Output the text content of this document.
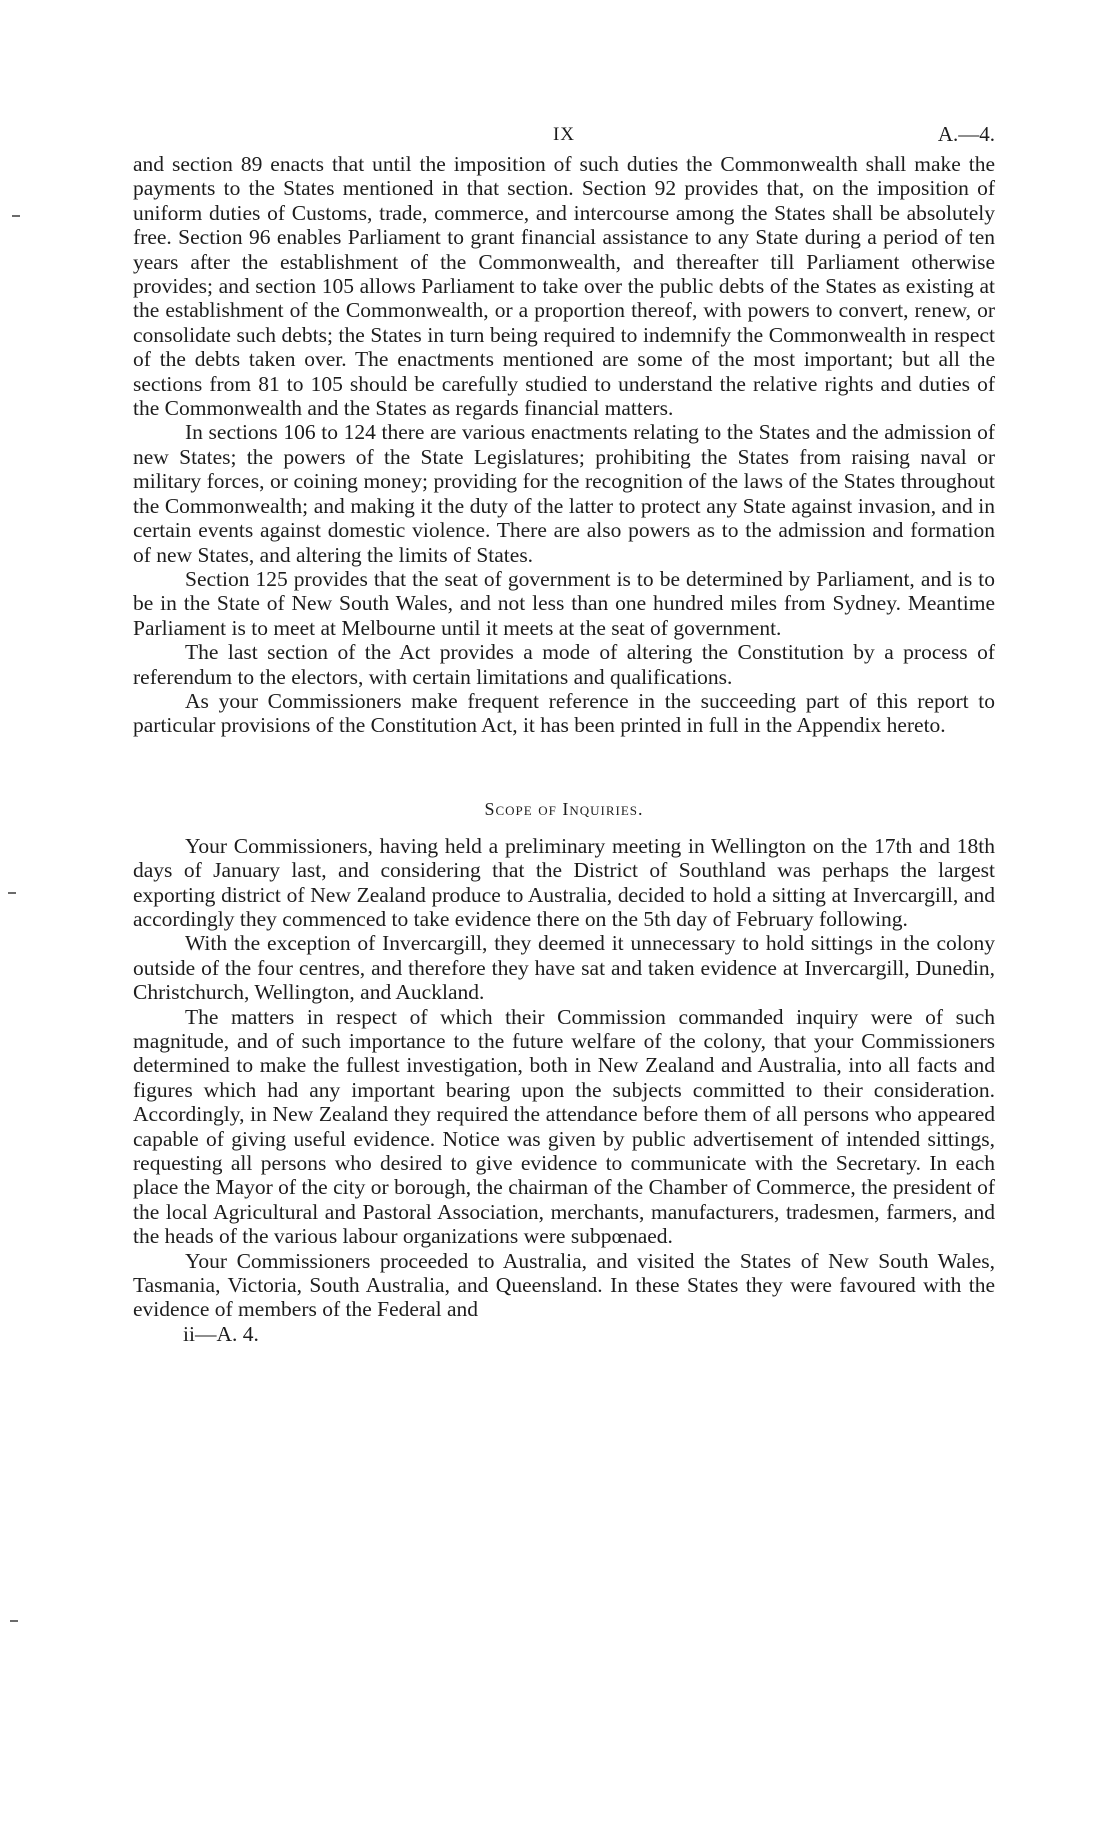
IX	A.—4.

and section 89 enacts that until the imposition of such duties the Commonwealth shall make the payments to the States mentioned in that section. Section 92 provides that, on the imposition of uniform duties of Customs, trade, commerce, and intercourse among the States shall be absolutely free. Section 96 enables Parliament to grant financial assistance to any State during a period of ten years after the establishment of the Commonwealth, and thereafter till Parliament otherwise provides; and section 105 allows Parliament to take over the public debts of the States as existing at the establishment of the Commonwealth, or a proportion thereof, with powers to convert, renew, or consolidate such debts; the States in turn being required to indemnify the Commonwealth in respect of the debts taken over. The enactments mentioned are some of the most important; but all the sections from 81 to 105 should be carefully studied to understand the relative rights and duties of the Commonwealth and the States as regards financial matters.

In sections 106 to 124 there are various enactments relating to the States and the admission of new States; the powers of the State Legislatures; prohibiting the States from raising naval or military forces, or coining money; providing for the recognition of the laws of the States throughout the Commonwealth; and making it the duty of the latter to protect any State against invasion, and in certain events against domestic violence. There are also powers as to the admission and formation of new States, and altering the limits of States.

Section 125 provides that the seat of government is to be determined by Parliament, and is to be in the State of New South Wales, and not less than one hundred miles from Sydney. Meantime Parliament is to meet at Melbourne until it meets at the seat of government.

The last section of the Act provides a mode of altering the Constitution by a process of referendum to the electors, with certain limitations and qualifications.

As your Commissioners make frequent reference in the succeeding part of this report to particular provisions of the Constitution Act, it has been printed in full in the Appendix hereto.

Scope of Inquiries.

Your Commissioners, having held a preliminary meeting in Wellington on the 17th and 18th days of January last, and considering that the District of Southland was perhaps the largest exporting district of New Zealand produce to Australia, decided to hold a sitting at Invercargill, and accordingly they commenced to take evidence there on the 5th day of February following.

With the exception of Invercargill, they deemed it unnecessary to hold sittings in the colony outside of the four centres, and therefore they have sat and taken evidence at Invercargill, Dunedin, Christchurch, Wellington, and Auckland.

The matters in respect of which their Commission commanded inquiry were of such magnitude, and of such importance to the future welfare of the colony, that your Commissioners determined to make the fullest investigation, both in New Zealand and Australia, into all facts and figures which had any important bearing upon the subjects committed to their consideration. Accordingly, in New Zealand they required the attendance before them of all persons who appeared capable of giving useful evidence. Notice was given by public advertisement of intended sittings, requesting all persons who desired to give evidence to communicate with the Secretary. In each place the Mayor of the city or borough, the chairman of the Chamber of Commerce, the president of the local Agricultural and Pastoral Association, merchants, manufacturers, tradesmen, farmers, and the heads of the various labour organizations were subpœnaed.

Your Commissioners proceeded to Australia, and visited the States of New South Wales, Tasmania, Victoria, South Australia, and Queensland. In these States they were favoured with the evidence of members of the Federal and

ii—A. 4.
